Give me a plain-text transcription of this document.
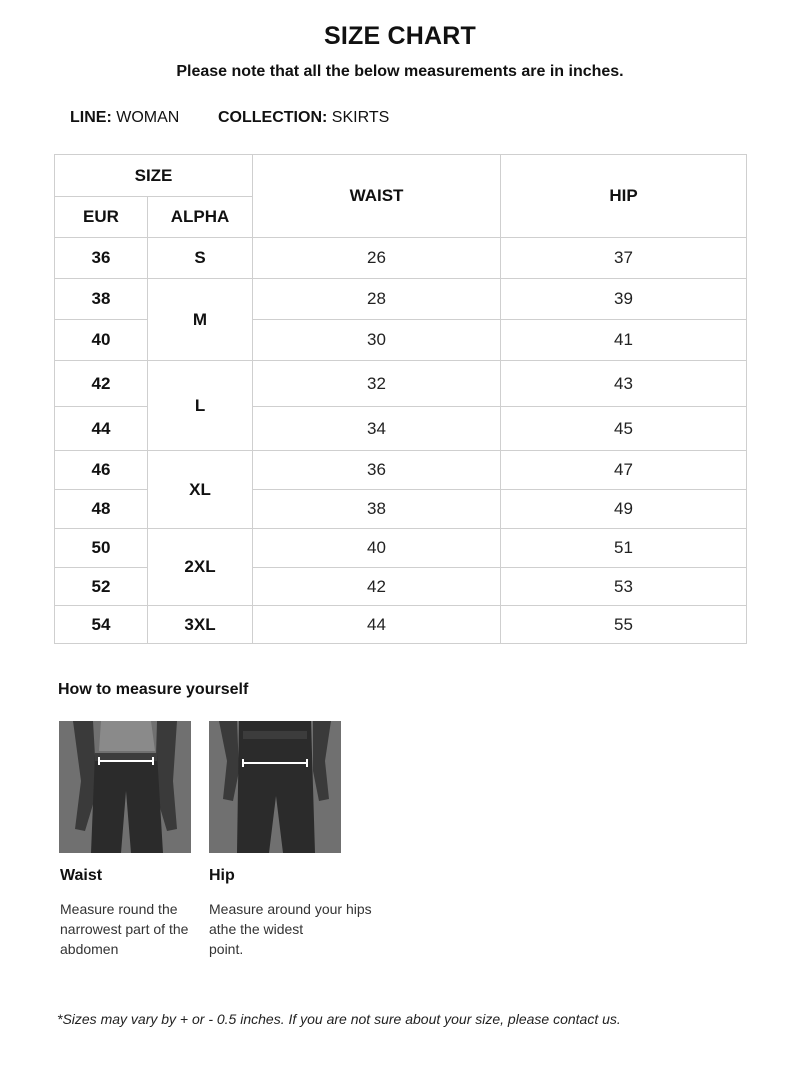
SIZE CHART
Please note that all the below measurements are in inches.
LINE: WOMAN COLLECTION: SKIRTS
SIZE		WAIST	HIP
EUR	ALPHA		
36	S	26	37
38	M	28	39
40		30	41
42	L	32	43
44		34	45
46	XL	36	47
48		38	49
50	2XL	40	51
52		42	53
54	3XL	44	55
How to measure yourself
Waist	Hip
Measure round the
narrowest part of the
abdomen
Measure around your hips
athe the widest
point.
*Sizes may vary by + or - 0.5 inches. If you are not sure about your size, please contact us.
